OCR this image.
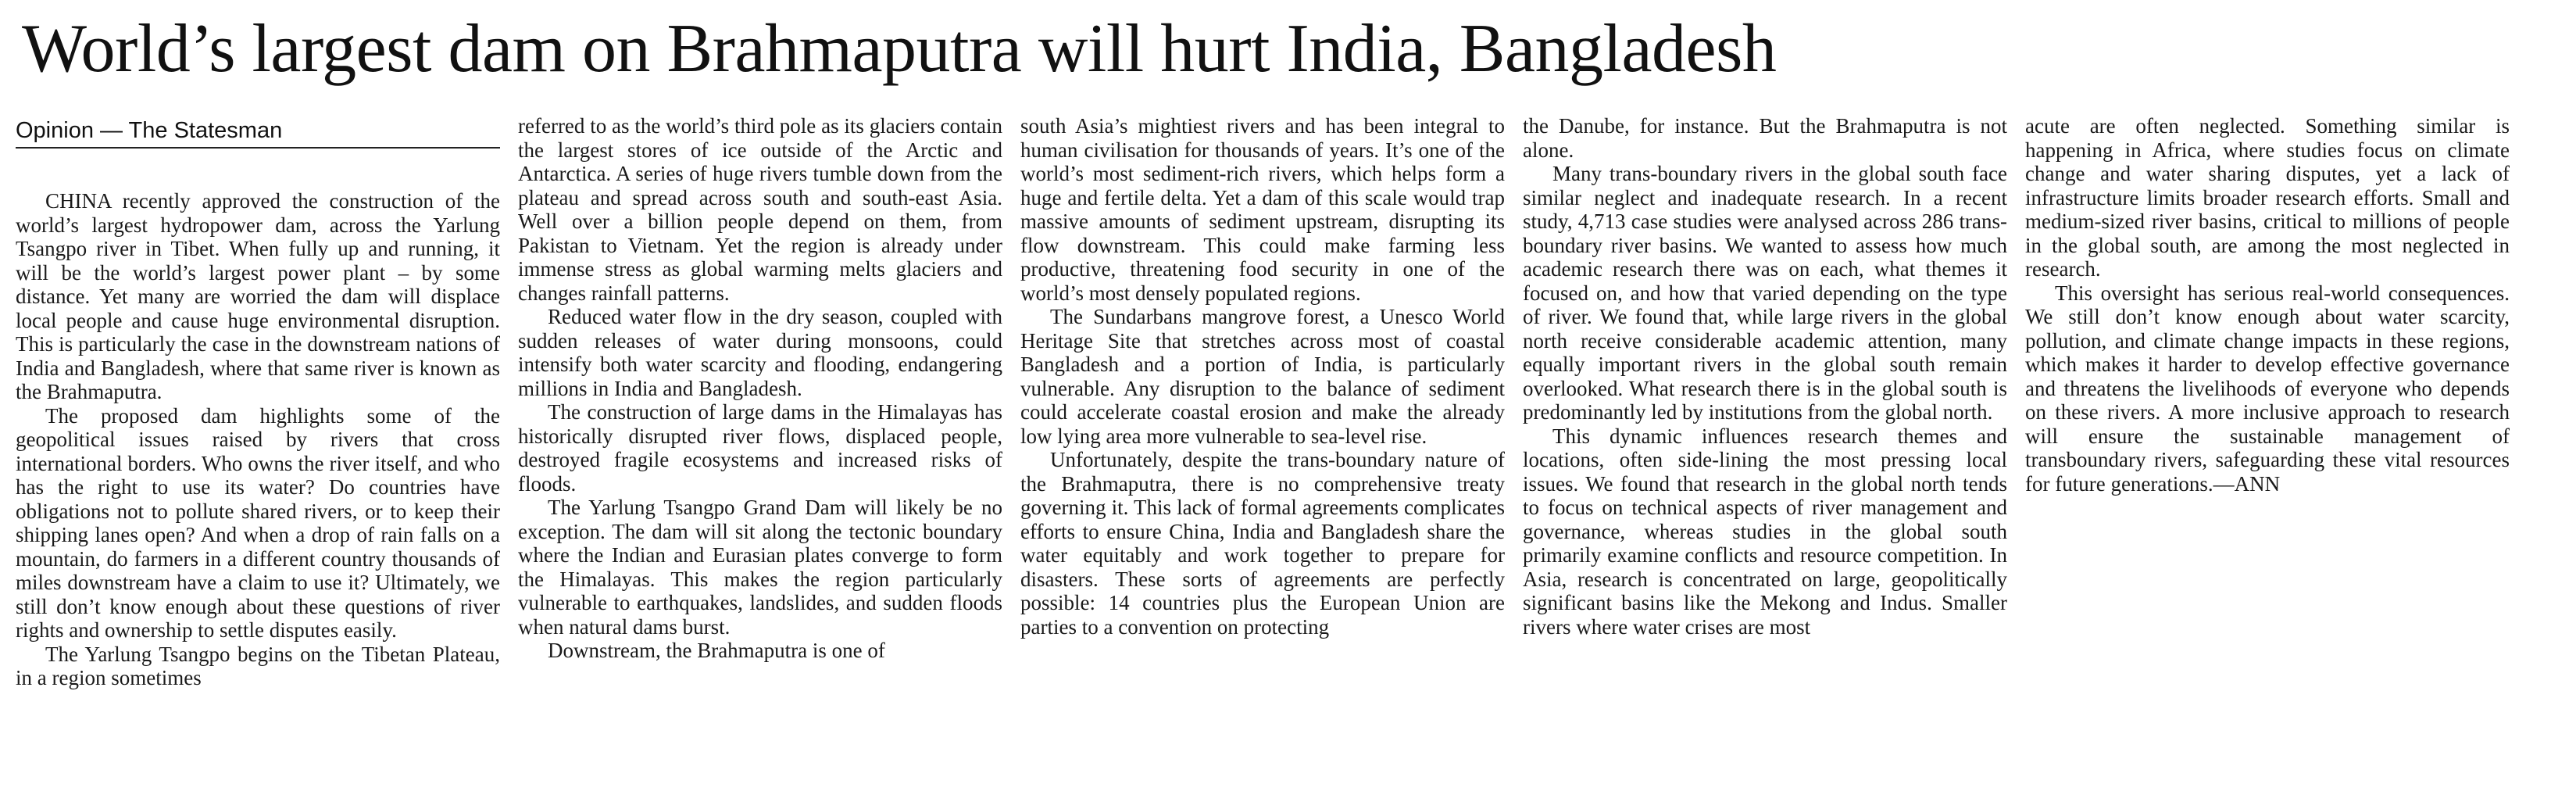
World’s largest dam on Brahmaputra will hurt India, Bangladesh
Opinion — The Statesman

CHINA recently approved the construction of the world’s largest hydropower dam, across the Yarlung Tsangpo river in Tibet. When fully up and running, it will be the world’s largest power plant – by some distance. Yet many are worried the dam will displace local people and cause huge environmental disruption. This is particularly the case in the downstream nations of India and Bangladesh, where that same river is known as the Brahmaputra.

The proposed dam highlights some of the geopolitical issues raised by rivers that cross international borders. Who owns the river itself, and who has the right to use its water? Do countries have obligations not to pollute shared rivers, or to keep their shipping lanes open? And when a drop of rain falls on a mountain, do farmers in a different country thousands of miles downstream have a claim to use it? Ultimately, we still don’t know enough about these questions of river rights and ownership to settle disputes easily.

The Yarlung Tsangpo begins on the Tibetan Plateau, in a region sometimes

referred to as the world’s third pole as its glaciers contain the largest stores of ice outside of the Arctic and Antarctica. A series of huge rivers tumble down from the plateau and spread across south and south-east Asia. Well over a billion people depend on them, from Pakistan to Vietnam. Yet the region is already under immense stress as global warming melts glaciers and changes rainfall patterns.

Reduced water flow in the dry season, coupled with sudden releases of water during monsoons, could intensify both water scarcity and flooding, endangering millions in India and Bangladesh.

The construction of large dams in the Himalayas has historically disrupted river flows, displaced people, destroyed fragile ecosystems and increased risks of floods.

The Yarlung Tsangpo Grand Dam will likely be no exception. The dam will sit along the tectonic boundary where the Indian and Eurasian plates converge to form the Himalayas. This makes the region particularly vulnerable to earthquakes, landslides, and sudden floods when natural dams burst.

Downstream, the Brahmaputra is one of

south Asia’s mightiest rivers and has been integral to human civilisation for thousands of years. It’s one of the world’s most sediment-rich rivers, which helps form a huge and fertile delta. Yet a dam of this scale would trap massive amounts of sediment upstream, disrupting its flow downstream. This could make farming less productive, threatening food security in one of the world’s most densely populated regions.

The Sundarbans mangrove forest, a Unesco World Heritage Site that stretches across most of coastal Bangladesh and a portion of India, is particularly vulnerable. Any disruption to the balance of sediment could accelerate coastal erosion and make the already low lying area more vulnerable to sea-level rise.

Unfortunately, despite the trans-boundary nature of the Brahmaputra, there is no comprehensive treaty governing it. This lack of formal agreements complicates efforts to ensure China, India and Bangladesh share the water equitably and work together to prepare for disasters. These sorts of agreements are perfectly possible: 14 countries plus the European Union are parties to a convention on protecting

the Danube, for instance. But the Brahmaputra is not alone.

Many trans-boundary rivers in the global south face similar neglect and inadequate research. In a recent study, 4,713 case studies were analysed across 286 trans-boundary river basins. We wanted to assess how much academic research there was on each, what themes it focused on, and how that varied depending on the type of river. We found that, while large rivers in the global north receive considerable academic attention, many equally important rivers in the global south remain overlooked. What research there is in the global south is predominantly led by institutions from the global north.

This dynamic influences research themes and locations, often side-lining the most pressing local issues. We found that research in the global north tends to focus on technical aspects of river management and governance, whereas studies in the global south primarily examine conflicts and resource competition. In Asia, research is concentrated on large, geopolitically significant basins like the Mekong and Indus. Smaller rivers where water crises are most

acute are often neglected. Something similar is happening in Africa, where studies focus on climate change and water sharing disputes, yet a lack of infrastructure limits broader research efforts. Small and medium-sized river basins, critical to millions of people in the global south, are among the most neglected in research.

This oversight has serious real-world consequences. We still don’t know enough about water scarcity, pollution, and climate change impacts in these regions, which makes it harder to develop effective governance and threatens the livelihoods of everyone who depends on these rivers. A more inclusive approach to research will ensure the sustainable management of transboundary rivers, safeguarding these vital resources for future generations.—ANN
